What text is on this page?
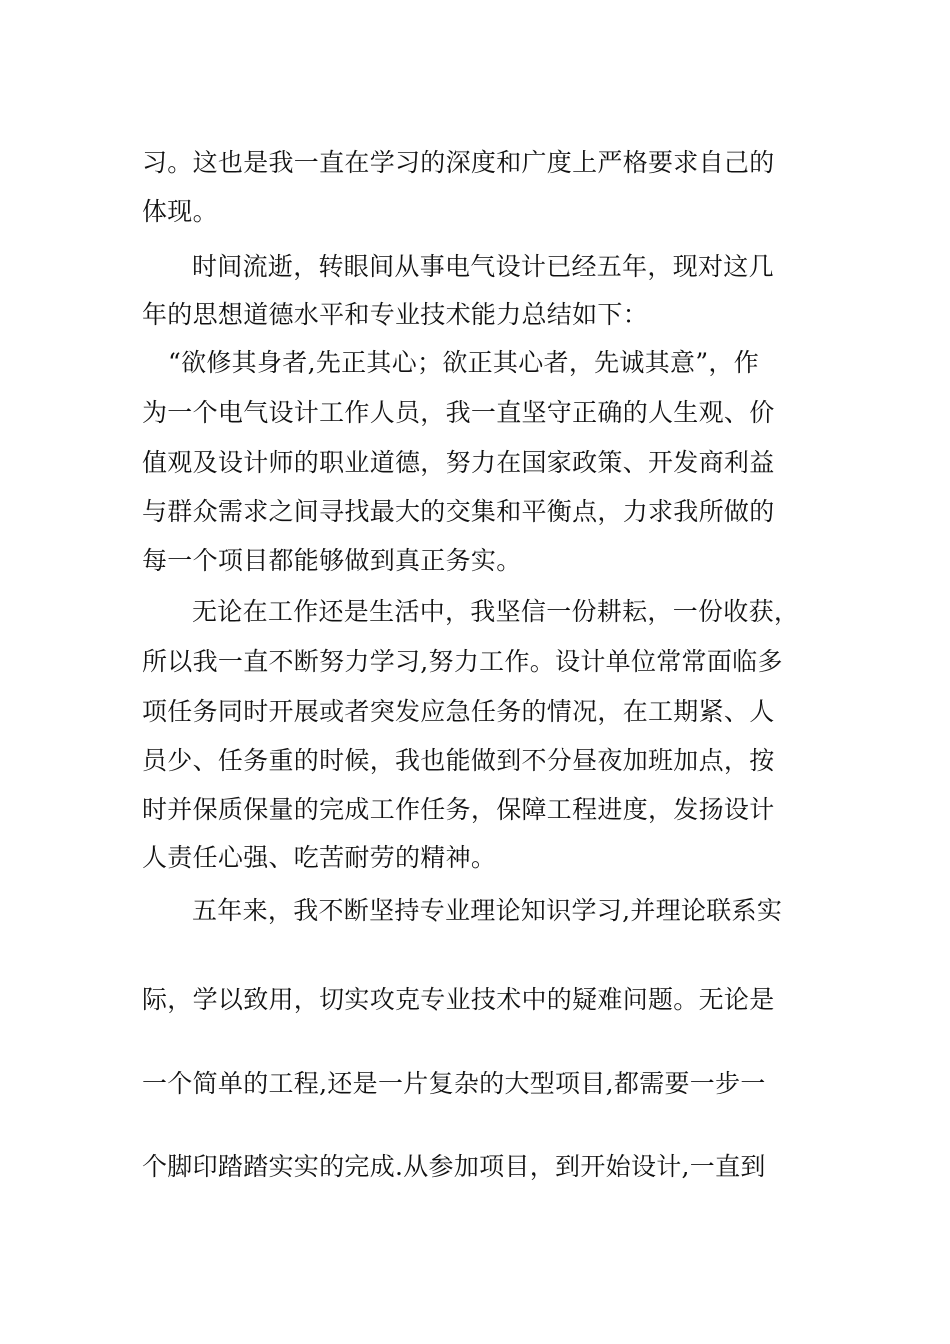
习。这也是我一直在学习的深度和广度上严格要求自己的
体现。
时间流逝，转眼间从事电气设计已经五年，现对这几
年的思想道德水平和专业技术能力总结如下：
“欲修其身者,先正其心；欲正其心者，先诚其意”，作
为一个电气设计工作人员，我一直坚守正确的人生观、价
值观及设计师的职业道德，努力在国家政策、开发商利益
与群众需求之间寻找最大的交集和平衡点，力求我所做的
每一个项目都能够做到真正务实。
无论在工作还是生活中，我坚信一份耕耘，一份收获，
所以我一直不断努力学习,努力工作。设计单位常常面临多
项任务同时开展或者突发应急任务的情况，在工期紧、人
员少、任务重的时候，我也能做到不分昼夜加班加点，按
时并保质保量的完成工作任务，保障工程进度，发扬设计
人责任心强、吃苦耐劳的精神。
五年来，我不断坚持专业理论知识学习,并理论联系实
际，学以致用，切实攻克专业技术中的疑难问题。无论是
一个简单的工程,还是一片复杂的大型项目,都需要一步一
个脚印踏踏实实的完成.从参加项目，到开始设计,一直到
